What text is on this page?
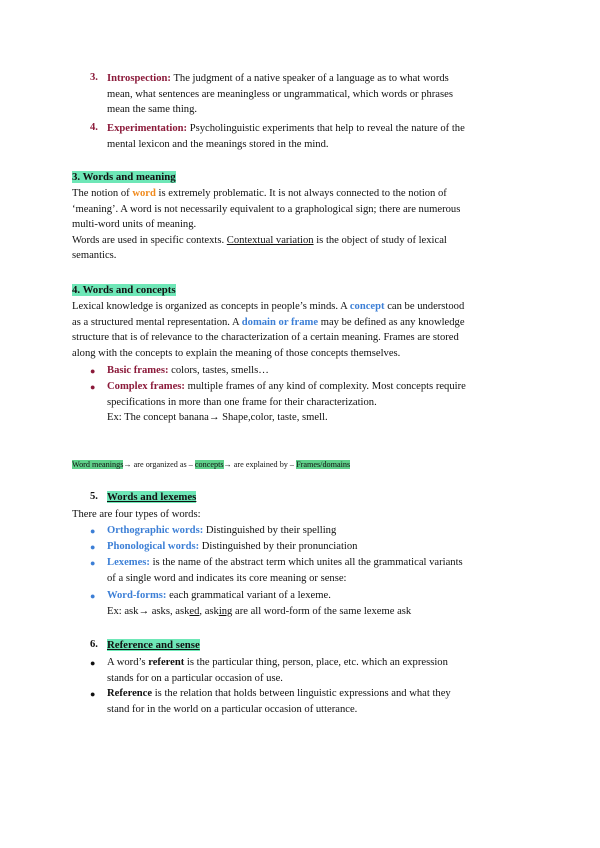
3. Introspection: The judgment of a native speaker of a language as to what words
mean, what sentences are meaningless or ungrammatical, which words or phrases
mean the same thing.
4. Experimentation: Psycholinguistic experiments that help to reveal the nature of the
mental lexicon and the meanings stored in the mind.
3. Words and meaning
The notion of word is extremely problematic. It is not always connected to the notion of
‘meaning’. A word is not necessarily equivalent to a graphological sign; there are numerous
multi-word units of meaning.
Words are used in specific contexts. Contextual variation is the object of study of lexical
semantics.
4. Words and concepts
Lexical knowledge is organized as concepts in people’s minds. A concept can be understood
as a structured mental representation. A domain or frame may be defined as any knowledge
structure that is of relevance to the characterization of a certain meaning. Frames are stored
along with the concepts to explain the meaning of those concepts themselves.
● Basic frames: colors, tastes, smells…
● Complex frames: multiple frames of any kind of complexity. Most concepts require
specifications in more than one frame for their characterization.
Ex: The concept banana→ Shape,color, taste, smell.
Word meanings→ are organized as – concepts→ are explained by – Frames/domains
5. Words and lexemes
There are four types of words:
● Orthographic words: Distinguished by their spelling
● Phonological words: Distinguished by their pronunciation
● Lexemes: is the name of the abstract term which unites all the grammatical variants
of a single word and indicates its core meaning or sense:
● Word-forms: each grammatical variant of a lexeme.
Ex: ask→ asks, asked, asking are all word-form of the same lexeme ask
6. Reference and sense
● A word’s referent is the particular thing, person, place, etc. which an expression
stands for on a particular occasion of use.
● Reference is the relation that holds between linguistic expressions and what they
stand for in the world on a particular occasion of utterance.
